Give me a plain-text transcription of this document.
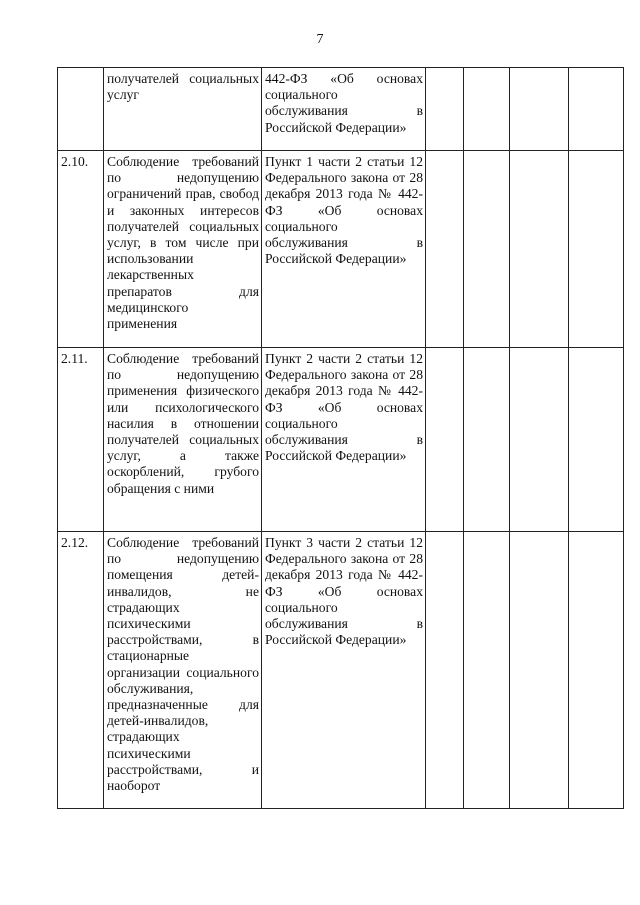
7
	получателей социальных услуг	442-ФЗ «Об основах социального обслуживания в Российской Федерации»				
2.10.	Соблюдение требований по недопущению ограничений прав, свобод и законных интересов получателей социальных услуг, в том числе при использовании лекарственных препаратов для медицинского применения	Пункт 1 части 2 статьи 12 Федерального закона от 28 декабря 2013 года № 442-ФЗ «Об основах социального обслуживания в Российской Федерации»				
2.11.	Соблюдение требований по недопущению применения физического или психологического насилия в отношении получателей социальных услуг, а также оскорблений, грубого обращения с ними	Пункт 2 части 2 статьи 12 Федерального закона от 28 декабря 2013 года № 442-ФЗ «Об основах социального обслуживания в Российской Федерации»				
2.12.	Соблюдение требований по недопущению помещения детей-инвалидов, не страдающих психическими расстройствами, в стационарные организации социального обслуживания, предназначенные для детей-инвалидов, страдающих психическими расстройствами, и наоборот	Пункт 3 части 2 статьи 12 Федерального закона от 28 декабря 2013 года № 442-ФЗ «Об основах социального обслуживания в Российской Федерации»				
